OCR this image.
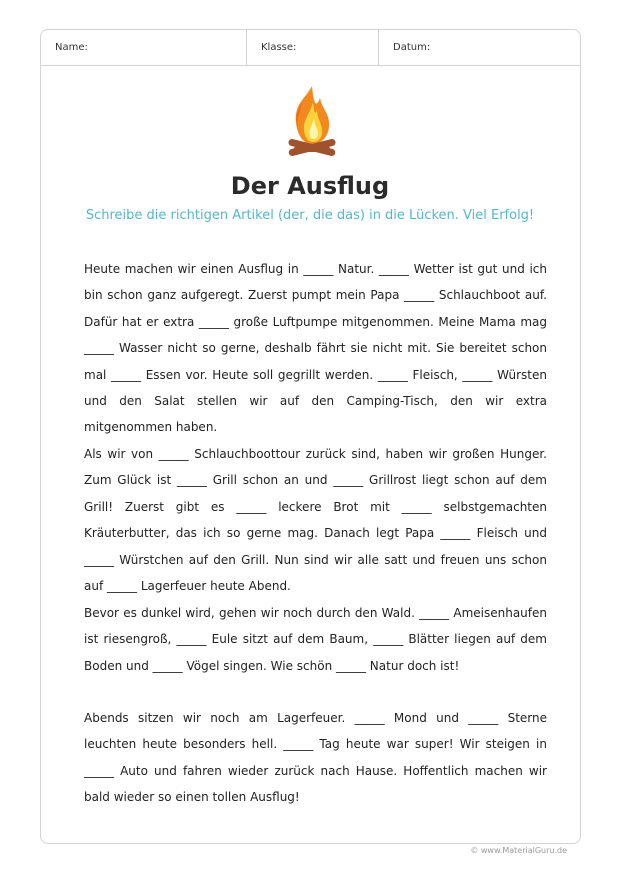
Name:	Klasse:	Datum:
Der Ausflug

Schreibe die richtigen Artikel (der, die das) in die Lücken. Viel Erfolg!

Heute machen wir einen Ausflug in _____ Natur. _____ Wetter ist gut und ich bin schon ganz aufgeregt. Zuerst pumpt mein Papa _____ Schlauchboot auf. Dafür hat er extra _____ große Luftpumpe mitgenommen. Meine Mama mag _____ Wasser nicht so gerne, deshalb fährt sie nicht mit. Sie bereitet schon mal _____ Essen vor. Heute soll gegrillt werden. _____ Fleisch, _____ Würsten und den Salat stellen wir auf den Camping-Tisch, den wir extra mitgenommen haben.

Als wir von _____ Schlauchboottour zurück sind, haben wir großen Hunger. Zum Glück ist _____ Grill schon an und _____ Grillrost liegt schon auf dem Grill! Zuerst gibt es _____ leckere Brot mit _____ selbstgemachten Kräuterbutter, das ich so gerne mag. Danach legt Papa _____ Fleisch und _____ Würstchen auf den Grill. Nun sind wir alle satt und freuen uns schon auf _____ Lagerfeuer heute Abend.

Bevor es dunkel wird, gehen wir noch durch den Wald. _____ Ameisenhaufen ist riesengroß, _____ Eule sitzt auf dem Baum, _____ Blätter liegen auf dem Boden und _____ Vögel singen. Wie schön _____ Natur doch ist!

Abends sitzen wir noch am Lagerfeuer. _____ Mond und _____ Sterne leuchten heute besonders hell. _____ Tag heute war super! Wir steigen in _____ Auto und fahren wieder zurück nach Hause. Hoffentlich machen wir bald wieder so einen tollen Ausflug!

© www.MaterialGuru.de
